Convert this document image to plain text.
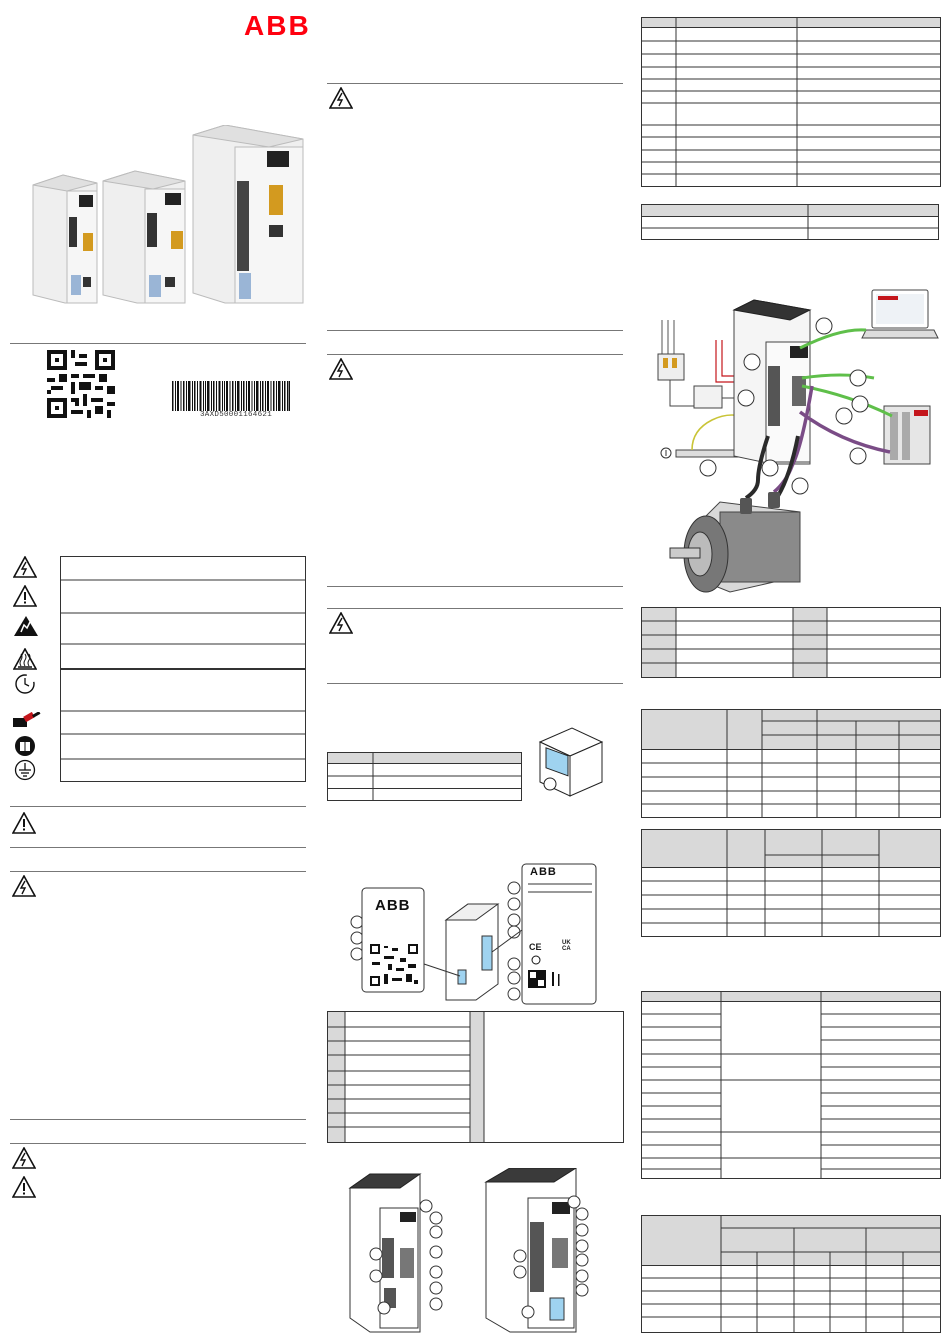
ABB
3AXD50001164621
ABB
ABB
CE	UK CA
